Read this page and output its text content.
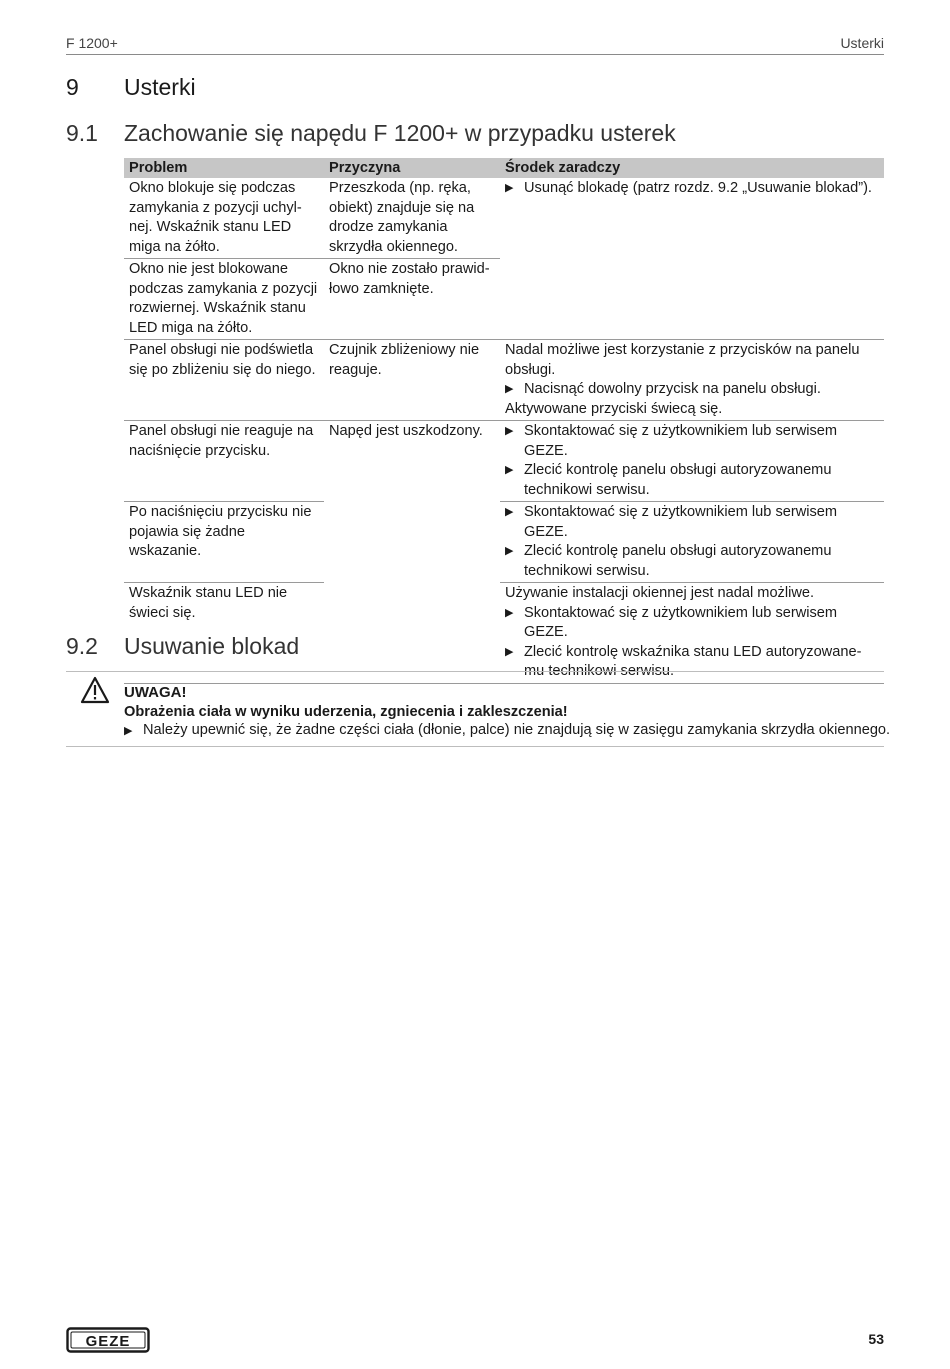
F 1200+	Usterki
9 Usterki
9.1 Zachowanie się napędu F 1200+ w przypadku usterek
Problem	Przyczyna	Środek zaradczy
Okno blokuje się podczas zamykania z pozycji uchyl-nej. Wskaźnik stanu LED miga na żółto.	Przeszkoda (np. ręka, obiekt) znajduje się na drodze zamykania skrzydła okiennego.	▶ Usunąć blokadę (patrz rozdz. 9.2 „Usuwanie blokad”).

Okno nie jest blokowane podczas zamykania z pozycji rozwiernej. Wskaźnik stanu LED miga na żółto.	Okno nie zostało prawid-łowo zamknięte.	
Panel obsługi nie podświetla się po zbliżeniu się do niego.	Czujnik zbliżeniowy nie reaguje.	Nadal możliwe jest korzystanie z przycisków na panelu obsługi.
▶ Nacisnąć dowolny przycisk na panelu obsługi.
Aktywowane przyciski świecą się.

Panel obsługi nie reaguje na naciśnięcie przycisku.	Napęd jest uszkodzony.	▶ Skontaktować się z użytkownikiem lub serwisem GEZE.
▶ Zlecić kontrolę panelu obsługi autoryzowanemu technikowi serwisu.

Po naciśnięciu przycisku nie pojawia się żadne wskazanie.		▶ Skontaktować się z użytkownikiem lub serwisem GEZE.
▶ Zlecić kontrolę panelu obsługi autoryzowanemu technikowi serwisu.

Wskaźnik stanu LED nie świeci się.		Używanie instalacji okiennej jest nadal możliwe.
▶ Skontaktować się z użytkownikiem lub serwisem GEZE.
▶ Zlecić kontrolę wskaźnika stanu LED autoryzowane-mu technikowi serwisu.
9.2 Usuwanie blokad
UWAGA!
Obrażenia ciała w wyniku uderzenia, zgniecenia i zakleszczenia!
▶ Należy upewnić się, że żadne części ciała (dłonie, palce) nie znajdują się w zasięgu zamykania skrzydła okiennego.
GEZE	53
